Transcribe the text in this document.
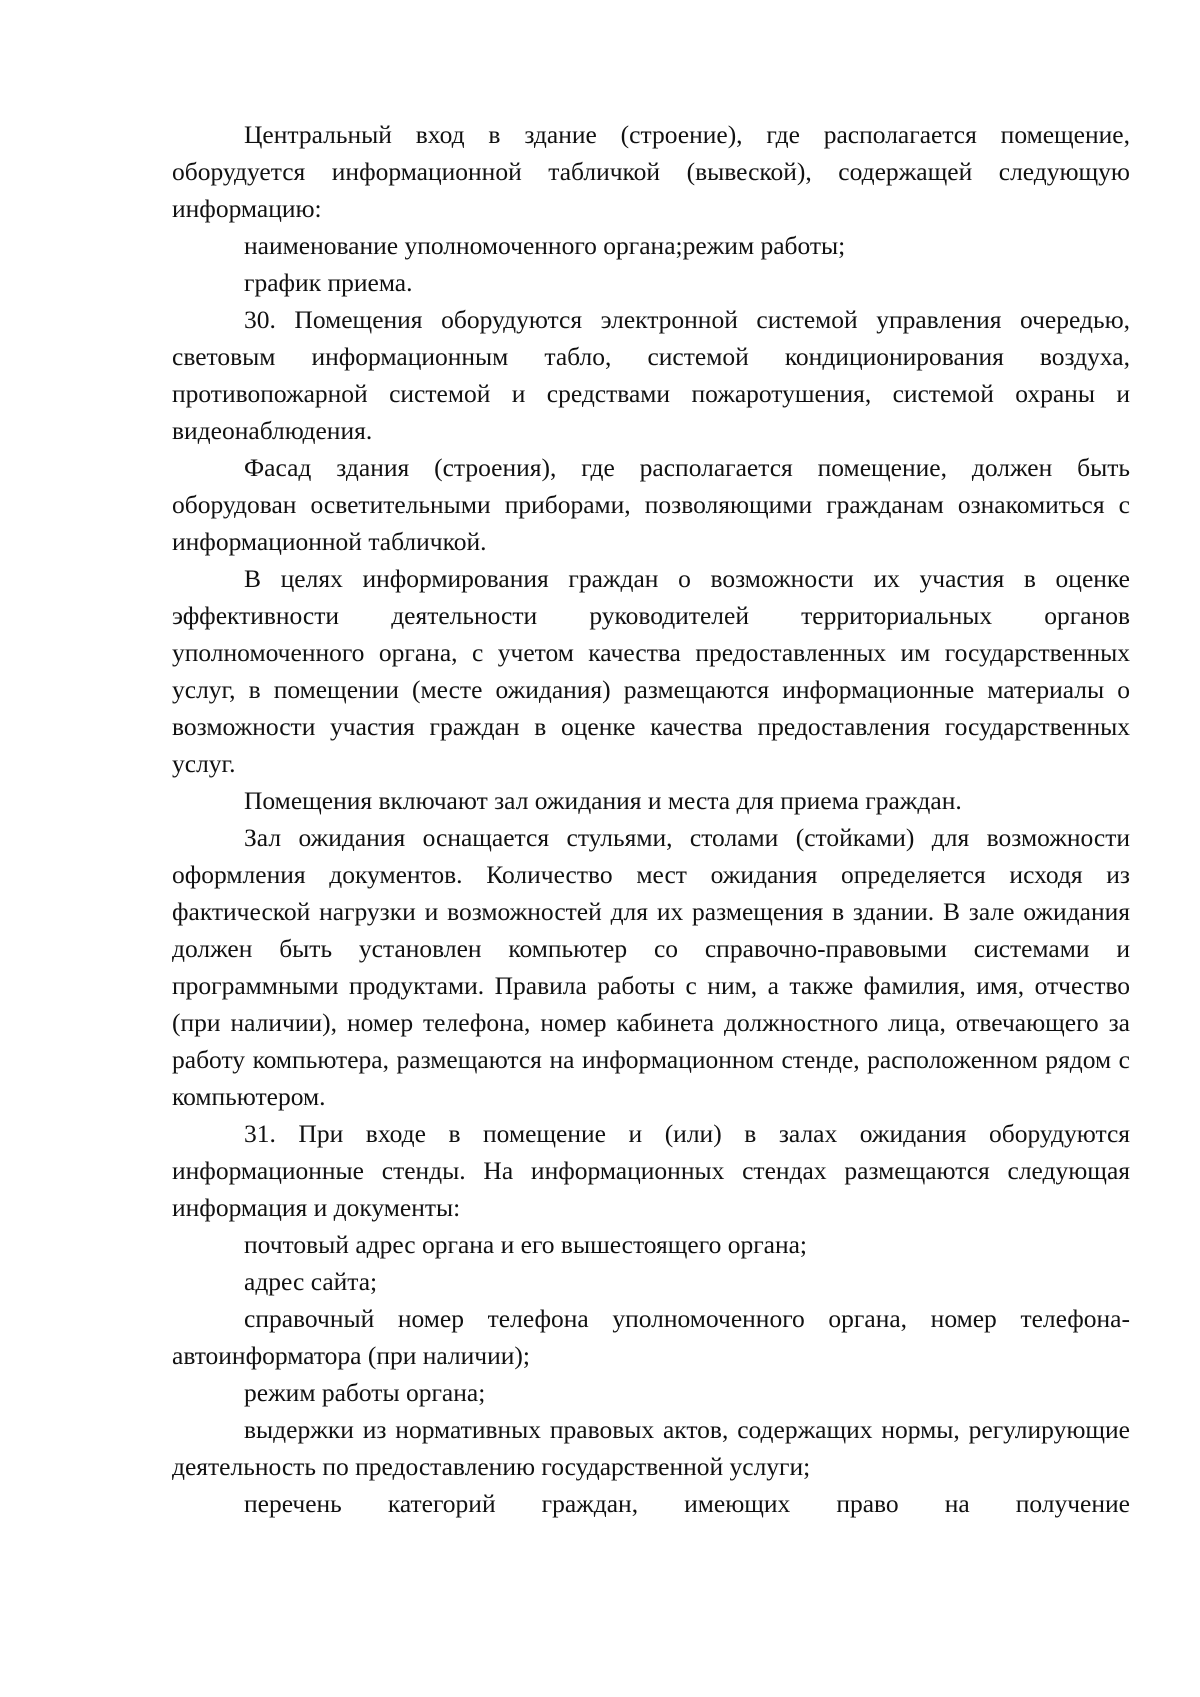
Центральный вход в здание (строение), где располагается помещение, оборудуется информационной табличкой (вывеской), содержащей следующую информацию:

наименование уполномоченного органа;режим работы;

график приема.

30. Помещения оборудуются электронной системой управления очередью, световым информационным табло, системой кондиционирования воздуха, противопожарной системой и средствами пожаротушения, системой охраны и видеонаблюдения.

Фасад здания (строения), где располагается помещение, должен быть оборудован осветительными приборами, позволяющими гражданам ознакомиться с информационной табличкой.

В целях информирования граждан о возможности их участия в оценке эффективности деятельности руководителей территориальных органов уполномоченного органа, с учетом качества предоставленных им государственных услуг, в помещении (месте ожидания) размещаются информационные материалы о возможности участия граждан в оценке качества предоставления государственных услуг.

Помещения включают зал ожидания и места для приема граждан.

Зал ожидания оснащается стульями, столами (стойками) для возможности оформления документов. Количество мест ожидания определяется исходя из фактической нагрузки и возможностей для их размещения в здании. В зале ожидания должен быть установлен компьютер со справочно-правовыми системами и программными продуктами. Правила работы с ним, а также фамилия, имя, отчество (при наличии), номер телефона, номер кабинета должностного лица, отвечающего за работу компьютера, размещаются на информационном стенде, расположенном рядом с компьютером.

31. При входе в помещение и (или) в залах ожидания оборудуются информационные стенды. На информационных стендах размещаются следующая информация и документы:

почтовый адрес органа и его вышестоящего органа;

адрес сайта;

справочный номер телефона уполномоченного органа, номер телефона-автоинформатора (при наличии);

режим работы органа;

выдержки из нормативных правовых актов, содержащих нормы, регулирующие деятельность по предоставлению государственной услуги;

перечень категорий граждан, имеющих право на получение
